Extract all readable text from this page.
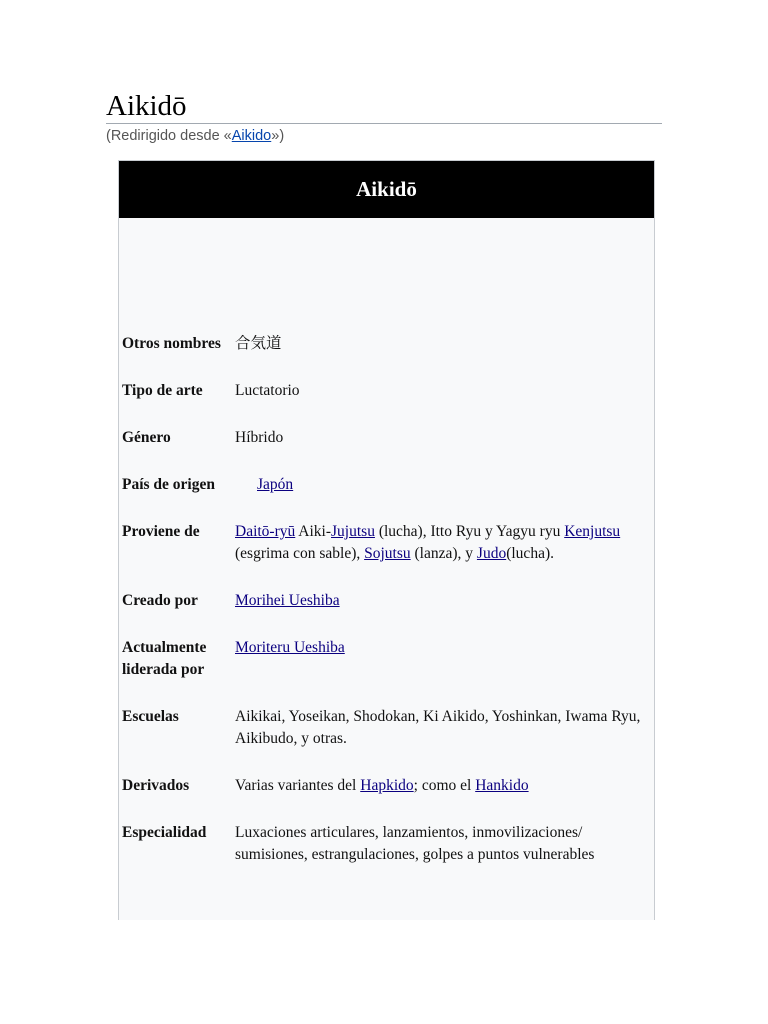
Aikidō
(Redirigido desde «Aikido»)
Aikidō
Otros nombres	合気道
Tipo de arte	Luctatorio
Género	Híbrido
País de origen	Japón
Proviene de	Daitō-ryū Aiki-Jujutsu (lucha), Itto Ryu y Yagyu ryu Kenjutsu (esgrima con sable), Sojutsu (lanza), y Judo(lucha).
Creado por	Morihei Ueshiba
Actualmente liderada por	Moriteru Ueshiba
Escuelas	Aikikai, Yoseikan, Shodokan, Ki Aikido, Yoshinkan, Iwama Ryu, Aikibudo, y otras.
Derivados	Varias variantes del Hapkido; como el Hankido
Especialidad	Luxaciones articulares, lanzamientos, inmovilizaciones/ sumisiones, estrangulaciones, golpes a puntos vulnerables
